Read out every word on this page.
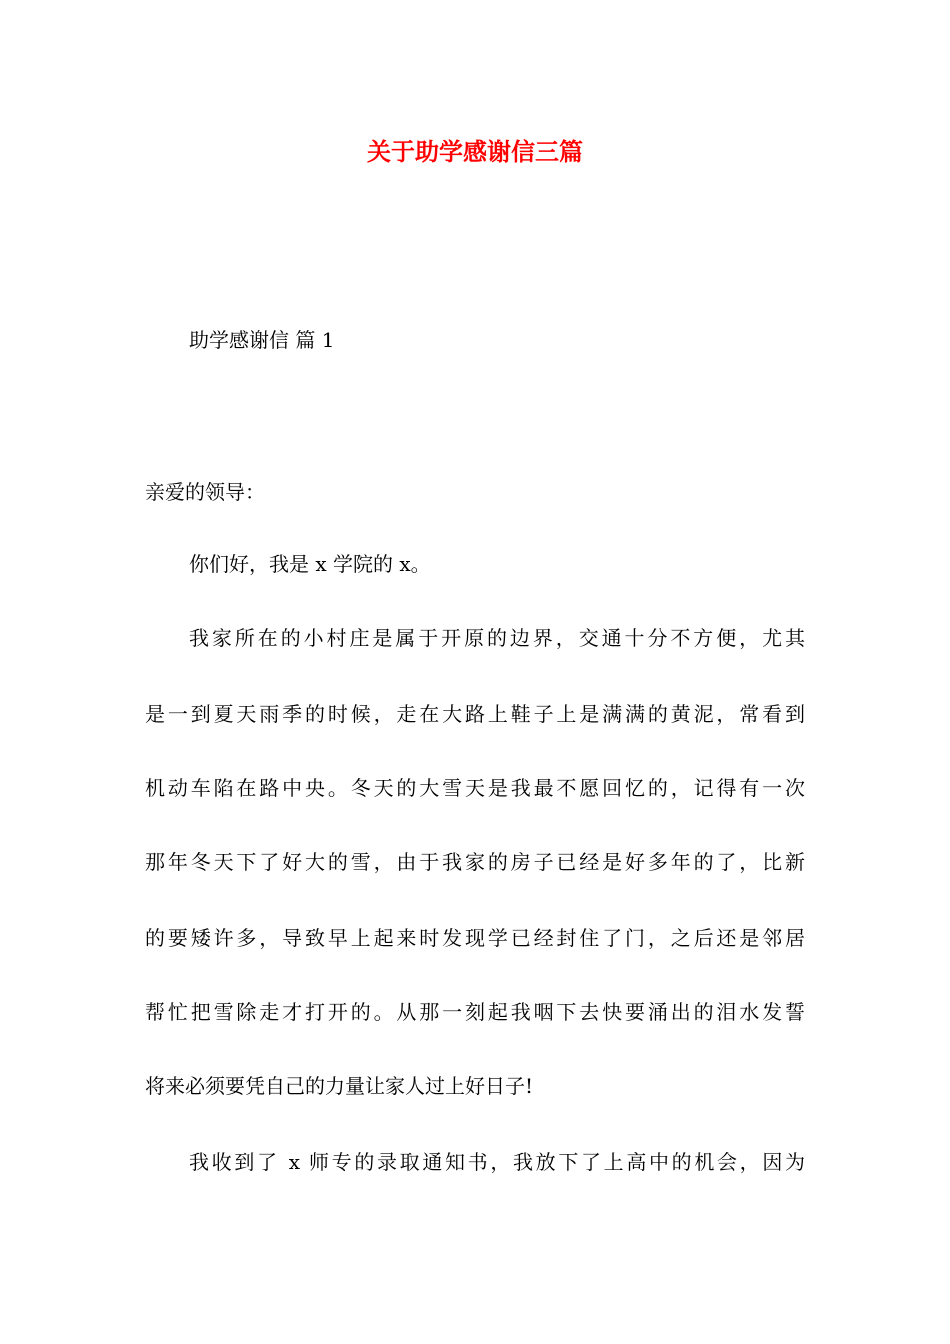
关于助学感谢信三篇

助学感谢信 篇 1

亲爱的领导：

你们好，我是 x 学院的 x。

我家所在的小村庄是属于开原的边界，交通十分不方便，尤其

是一到夏天雨季的时候，走在大路上鞋子上是满满的黄泥，常看到

机动车陷在路中央。冬天的大雪天是我最不愿回忆的，记得有一次

那年冬天下了好大的雪，由于我家的房子已经是好多年的了，比新

的要矮许多，导致早上起来时发现学已经封住了门，之后还是邻居

帮忙把雪除走才打开的。从那一刻起我咽下去快要涌出的泪水发誓

将来必须要凭自己的力量让家人过上好日子!

我收到了 x 师专的录取通知书，我放下了上高中的机会，因为
